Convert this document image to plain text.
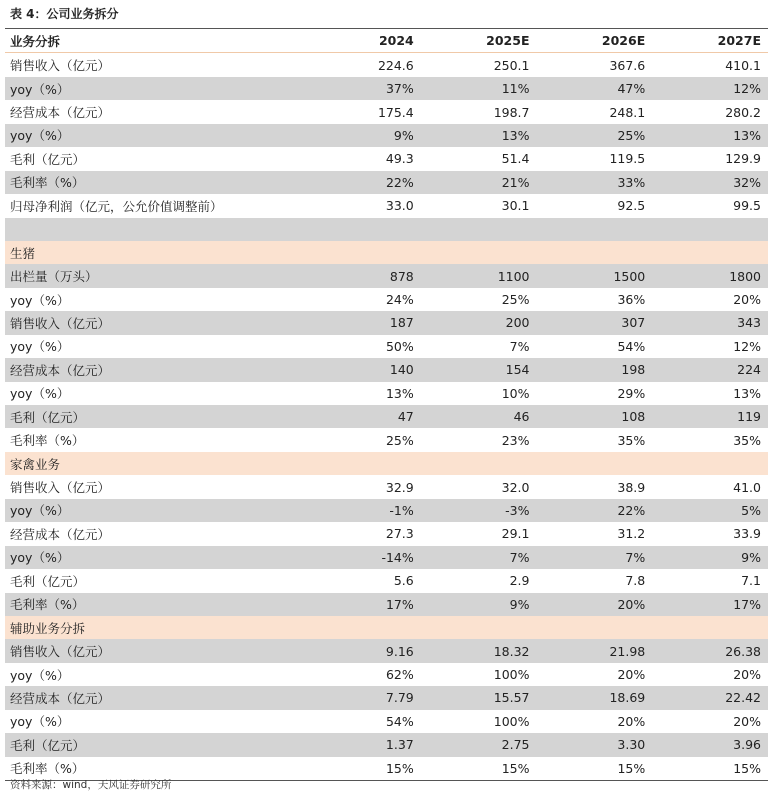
表 4：公司业务拆分
业务分拆	2024	2025E	2026E	2027E
销售收入（亿元）	224.6	250.1	367.6	410.1
yoy（%）	37%	11%	47%	12%
经营成本（亿元）	175.4	198.7	248.1	280.2
yoy（%）	9%	13%	25%	13%
毛利（亿元）	49.3	51.4	119.5	129.9
毛利率（%）	22%	21%	33%	32%
归母净利润（亿元，公允价值调整前）	33.0	30.1	92.5	99.5

生猪				
出栏量（万头）	878	1100	1500	1800
yoy（%）	24%	25%	36%	20%
销售收入（亿元）	187	200	307	343
yoy（%）	50%	7%	54%	12%
经营成本（亿元）	140	154	198	224
yoy（%）	13%	10%	29%	13%
毛利（亿元）	47	46	108	119
毛利率（%）	25%	23%	35%	35%
家禽业务				
销售收入（亿元）	32.9	32.0	38.9	41.0
yoy（%）	-1%	-3%	22%	5%
经营成本（亿元）	27.3	29.1	31.2	33.9
yoy（%）	-14%	7%	7%	9%
毛利（亿元）	5.6	2.9	7.8	7.1
毛利率（%）	17%	9%	20%	17%
辅助业务分拆				
销售收入（亿元）	9.16	18.32	21.98	26.38
yoy（%）	62%	100%	20%	20%
经营成本（亿元）	7.79	15.57	18.69	22.42
yoy（%）	54%	100%	20%	20%
毛利（亿元）	1.37	2.75	3.30	3.96
毛利率（%）	15%	15%	15%	15%
资料来源：wind，天风证券研究所
